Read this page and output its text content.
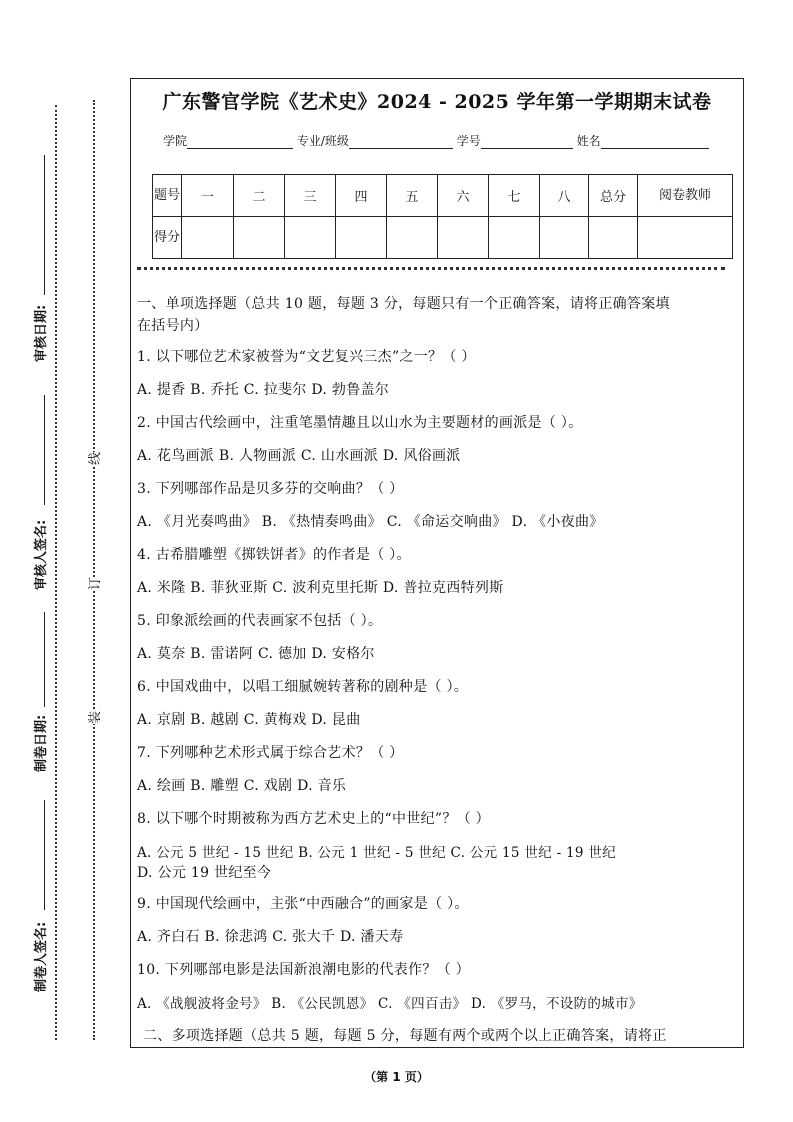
审核日期:
审核人签名:
制卷日期:
制卷人签名:
线
订
装
广东警官学院《艺术史》2024 - 2025 学年第一学期期末试卷
学院	专业/班级	学号	姓名
题号	一	二	三	四	五	六	七	八	总分	阅卷教师
得分										
一、单项选择题（总共 10 题，每题 3 分，每题只有一个正确答案，请将正确答案填
在括号内）
1. 以下哪位艺术家被誉为“文艺复兴三杰”之一？（ ）
A. 提香 B. 乔托 C. 拉斐尔 D. 勃鲁盖尔
2. 中国古代绘画中，注重笔墨情趣且以山水为主要题材的画派是（ ）。
A. 花鸟画派 B. 人物画派 C. 山水画派 D. 风俗画派
3. 下列哪部作品是贝多芬的交响曲？（ ）
A. 《月光奏鸣曲》 B. 《热情奏鸣曲》 C. 《命运交响曲》 D. 《小夜曲》
4. 古希腊雕塑《掷铁饼者》的作者是（ ）。
A. 米隆 B. 菲狄亚斯 C. 波利克里托斯 D. 普拉克西特列斯
5. 印象派绘画的代表画家不包括（ ）。
A. 莫奈 B. 雷诺阿 C. 德加 D. 安格尔
6. 中国戏曲中，以唱工细腻婉转著称的剧种是（ ）。
A. 京剧 B. 越剧 C. 黄梅戏 D. 昆曲
7. 下列哪种艺术形式属于综合艺术？（ ）
A. 绘画 B. 雕塑 C. 戏剧 D. 音乐
8. 以下哪个时期被称为西方艺术史上的“中世纪”？（ ）
A. 公元 5 世纪 - 15 世纪 B. 公元 1 世纪 - 5 世纪 C. 公元 15 世纪 - 19 世纪
D. 公元 19 世纪至今
9. 中国现代绘画中，主张“中西融合”的画家是（ ）。
A. 齐白石 B. 徐悲鸿 C. 张大千 D. 潘天寿
10. 下列哪部电影是法国新浪潮电影的代表作？（ ）
A. 《战舰波将金号》 B. 《公民凯恩》 C. 《四百击》 D. 《罗马，不设防的城市》
二、多项选择题（总共 5 题，每题 5 分，每题有两个或两个以上正确答案，请将正
（第 1 页）
